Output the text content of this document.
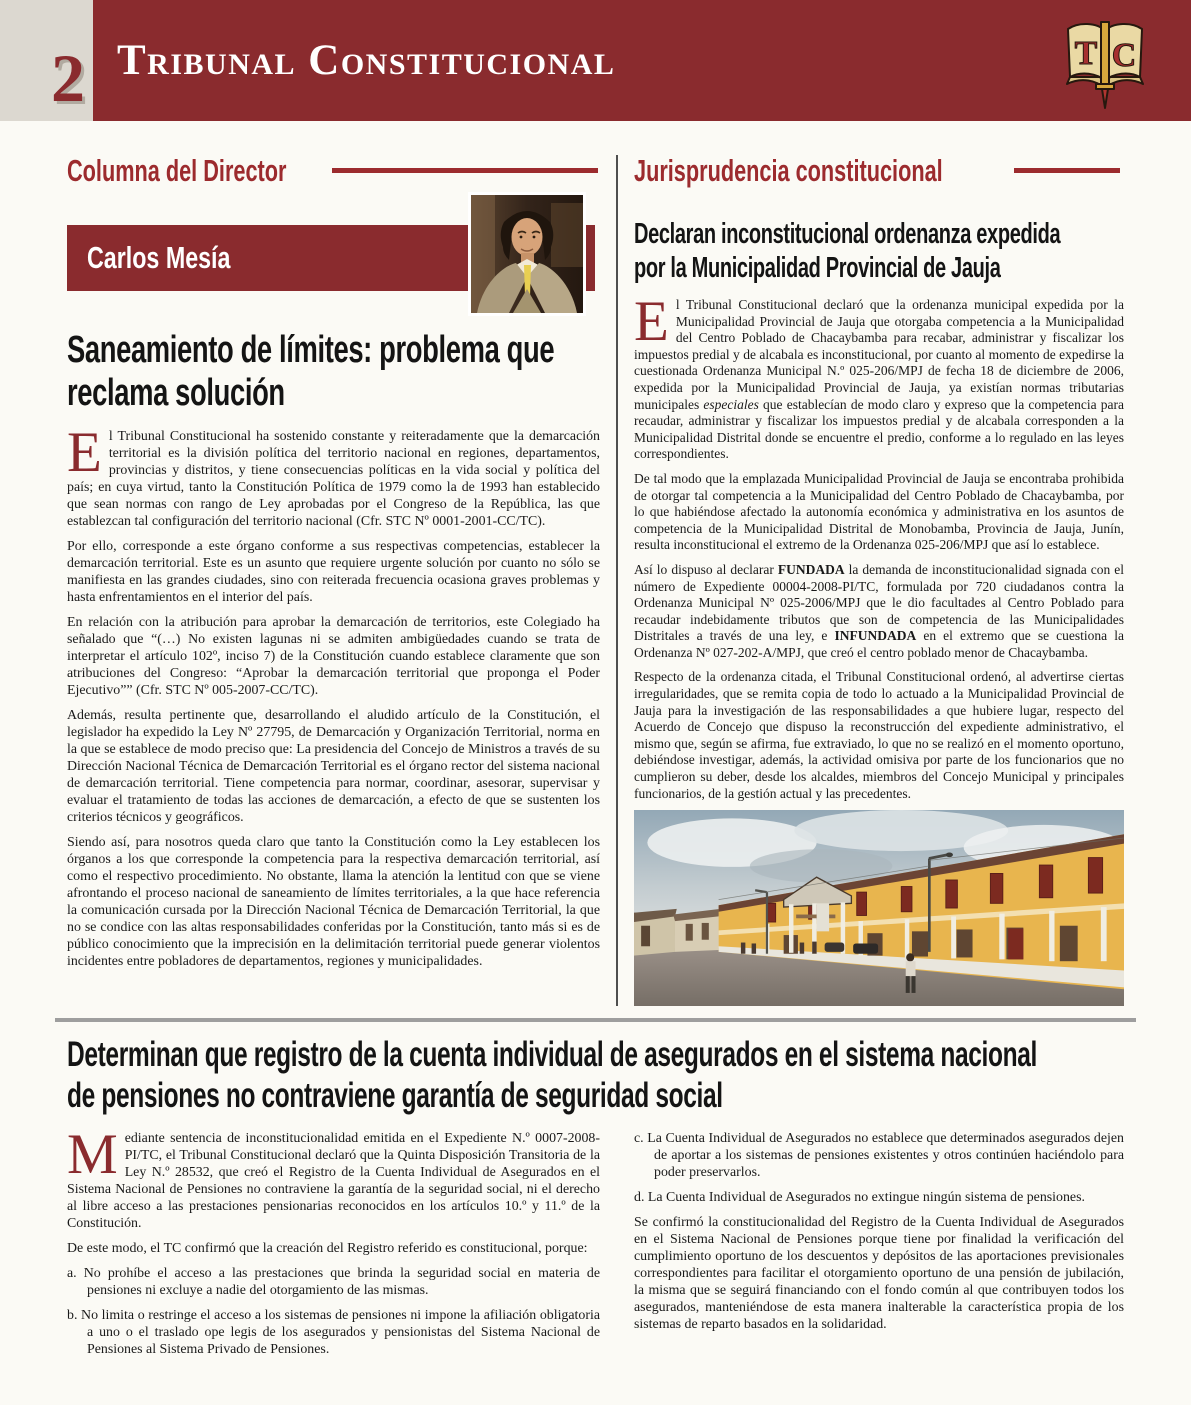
2 Tribunal Constitucional	T C
Columna del Director
Carlos Mesía
Saneamiento de límites: problema que
reclama solución

El Tribunal Constitucional ha sostenido constante y reiteradamente que la demarcación territorial es la división política del territorio nacional en regiones, departamentos, provincias y distritos, y tiene consecuencias políticas en la vida social y política del país; en cuya virtud, tanto la Constitución Política de 1979 como la de 1993 han establecido que sean normas con rango de Ley aprobadas por el Congreso de la República, las que establezcan tal configuración del territorio nacional (Cfr. STC Nº 0001-2001-CC/TC).

Por ello, corresponde a este órgano conforme a sus respectivas competencias, establecer la demarcación territorial. Este es un asunto que requiere urgente solución por cuanto no sólo se manifiesta en las grandes ciudades, sino con reiterada frecuencia ocasiona graves problemas y hasta enfrentamientos en el interior del país.

En relación con la atribución para aprobar la demarcación de territorios, este Colegiado ha señalado que “(…) No existen lagunas ni se admiten ambigüedades cuando se trata de interpretar el artículo 102º, inciso 7) de la Constitución cuando establece claramente que son atribuciones del Congreso: “Aprobar la demarcación territorial que proponga el Poder Ejecutivo”” (Cfr. STC Nº 005-2007-CC/TC).

Además, resulta pertinente que, desarrollando el aludido artículo de la Constitución, el legislador ha expedido la Ley Nº 27795, de Demarcación y Organización Territorial, norma en la que se establece de modo preciso que: La presidencia del Concejo de Ministros a través de su Dirección Nacional Técnica de Demarcación Territorial es el órgano rector del sistema nacional de demarcación territorial. Tiene competencia para normar, coordinar, asesorar, supervisar y evaluar el tratamiento de todas las acciones de demarcación, a efecto de que se sustenten los criterios técnicos y geográficos.

Siendo así, para nosotros queda claro que tanto la Constitución como la Ley establecen los órganos a los que corresponde la competencia para la respectiva demarcación territorial, así como el respectivo procedimiento. No obstante, llama la atención la lentitud con que se viene afrontando el proceso nacional de saneamiento de límites territoriales, a la que hace referencia la comunicación cursada por la Dirección Nacional Técnica de Demarcación Territorial, la que no se condice con las altas responsabilidades conferidas por la Constitución, tanto más si es de público conocimiento que la imprecisión en la delimitación territorial puede generar violentos incidentes entre pobladores de departamentos, regiones y municipalidades.

Jurisprudencia constitucional
Declaran inconstitucional ordenanza expedida
por la Municipalidad Provincial de Jauja

El Tribunal Constitucional declaró que la ordenanza municipal expedida por la Municipalidad Provincial de Jauja que otorgaba competencia a la Municipalidad del Centro Poblado de Chacaybamba para recabar, administrar y fiscalizar los impuestos predial y de alcabala es inconstitucional, por cuanto al momento de expedirse la cuestionada Ordenanza Municipal N.º 025-206/MPJ de fecha 18 de diciembre de 2006, expedida por la Municipalidad Provincial de Jauja, ya existían normas tributarias municipales especiales que establecían de modo claro y expreso que la competencia para recaudar, administrar y fiscalizar los impuestos predial y de alcabala corresponden a la Municipalidad Distrital donde se encuentre el predio, conforme a lo regulado en las leyes correspondientes.

De tal modo que la emplazada Municipalidad Provincial de Jauja se encontraba prohibida de otorgar tal competencia a la Municipalidad del Centro Poblado de Chacaybamba, por lo que habiéndose afectado la autonomía económica y administrativa en los asuntos de competencia de la Municipalidad Distrital de Monobamba, Provincia de Jauja, Junín, resulta inconstitucional el extremo de la Ordenanza 025-206/MPJ que así lo establece.

Así lo dispuso al declarar FUNDADA la demanda de inconstitucionalidad signada con el número de Expediente 00004-2008-PI/TC, formulada por 720 ciudadanos contra la Ordenanza Municipal Nº 025-2006/MPJ que le dio facultades al Centro Poblado para recaudar indebidamente tributos que son de competencia de las Municipalidades Distritales a través de una ley, e INFUNDADA en el extremo que se cuestiona la Ordenanza Nº 027-202-A/MPJ, que creó el centro poblado menor de Chacaybamba.

Respecto de la ordenanza citada, el Tribunal Constitucional ordenó, al advertirse ciertas irregularidades, que se remita copia de todo lo actuado a la Municipalidad Provincial de Jauja para la investigación de las responsabilidades a que hubiere lugar, respecto del Acuerdo de Concejo que dispuso la reconstrucción del expediente administrativo, el mismo que, según se afirma, fue extraviado, lo que no se realizó en el momento oportuno, debiéndose investigar, además, la actividad omisiva por parte de los funcionarios que no cumplieron su deber, desde los alcaldes, miembros del Concejo Municipal y principales funcionarios, de la gestión actual y las precedentes.

Determinan que registro de la cuenta individual de asegurados en el sistema nacional
de pensiones no contraviene garantía de seguridad social

Mediante sentencia de inconstitucionalidad emitida en el Expediente N.º 0007-2008-PI/TC, el Tribunal Constitucional declaró que la Quinta Disposición Transitoria de la Ley N.º 28532, que creó el Registro de la Cuenta Individual de Asegurados en el Sistema Nacional de Pensiones no contraviene la garantía de la seguridad social, ni el derecho al libre acceso a las prestaciones pensionarias reconocidos en los artículos 10.º y 11.º de la Constitución.

De este modo, el TC confirmó que la creación del Registro referido es constitucional, porque:

a. No prohíbe el acceso a las prestaciones que brinda la seguridad social en materia de pensiones ni excluye a nadie del otorgamiento de las mismas.

b. No limita o restringe el acceso a los sistemas de pensiones ni impone la afiliación obligatoria a uno o el traslado ope legis de los asegurados y pensionistas del Sistema Nacional de Pensiones al Sistema Privado de Pensiones.

c. La Cuenta Individual de Asegurados no establece que determinados asegurados dejen de aportar a los sistemas de pensiones existentes y otros continúen haciéndolo para poder preservarlos.

d. La Cuenta Individual de Asegurados no extingue ningún sistema de pensiones.

Se confirmó la constitucionalidad del Registro de la Cuenta Individual de Asegurados en el Sistema Nacional de Pensiones porque tiene por finalidad la verificación del cumplimiento oportuno de los descuentos y depósitos de las aportaciones previsionales correspondientes para facilitar el otorgamiento oportuno de una pensión de jubilación, la misma que se seguirá financiando con el fondo común al que contribuyen todos los asegurados, manteniéndose de esta manera inalterable la característica propia de los sistemas de reparto basados en la solidaridad.
